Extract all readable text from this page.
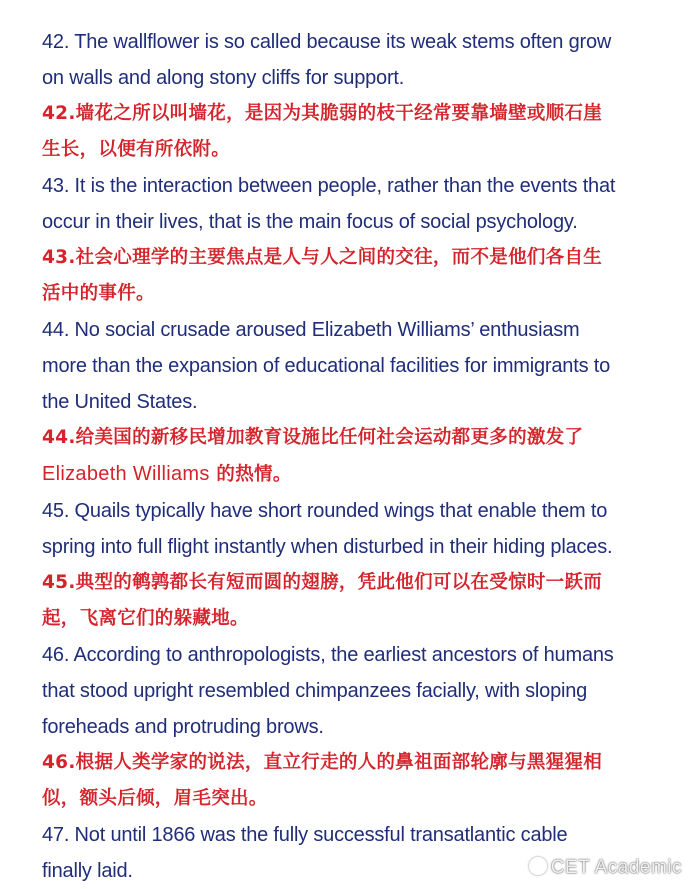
42. The wallflower is so called because its weak stems often grow
on walls and along stony cliffs for support.
42.墙花之所以叫墙花，是因为其脆弱的枝干经常要靠墙壁或顺石崖
生长，以便有所依附。
43. It is the interaction between people, rather than the events that
occur in their lives, that is the main focus of social psychology.
43.社会心理学的主要焦点是人与人之间的交往，而不是他们各自生
活中的事件。
44. No social crusade aroused Elizabeth Williams’ enthusiasm
more than the expansion of educational facilities for immigrants to
the United States.
44.给美国的新移民增加教育设施比任何社会运动都更多的激发了
Elizabeth Williams 的热情。
45. Quails typically have short rounded wings that enable them to
spring into full flight instantly when disturbed in their hiding places.
45.典型的鹌鹑都长有短而圆的翅膀，凭此他们可以在受惊时一跃而
起，飞离它们的躲藏地。
46. According to anthropologists, the earliest ancestors of humans
that stood upright resembled chimpanzees facially, with sloping
foreheads and protruding brows.
46.根据人类学家的说法，直立行走的人的鼻祖面部轮廓与黑猩猩相
似，额头后倾，眉毛突出。
47. Not until 1866 was the fully successful transatlantic cable
finally laid.	CET Academic
